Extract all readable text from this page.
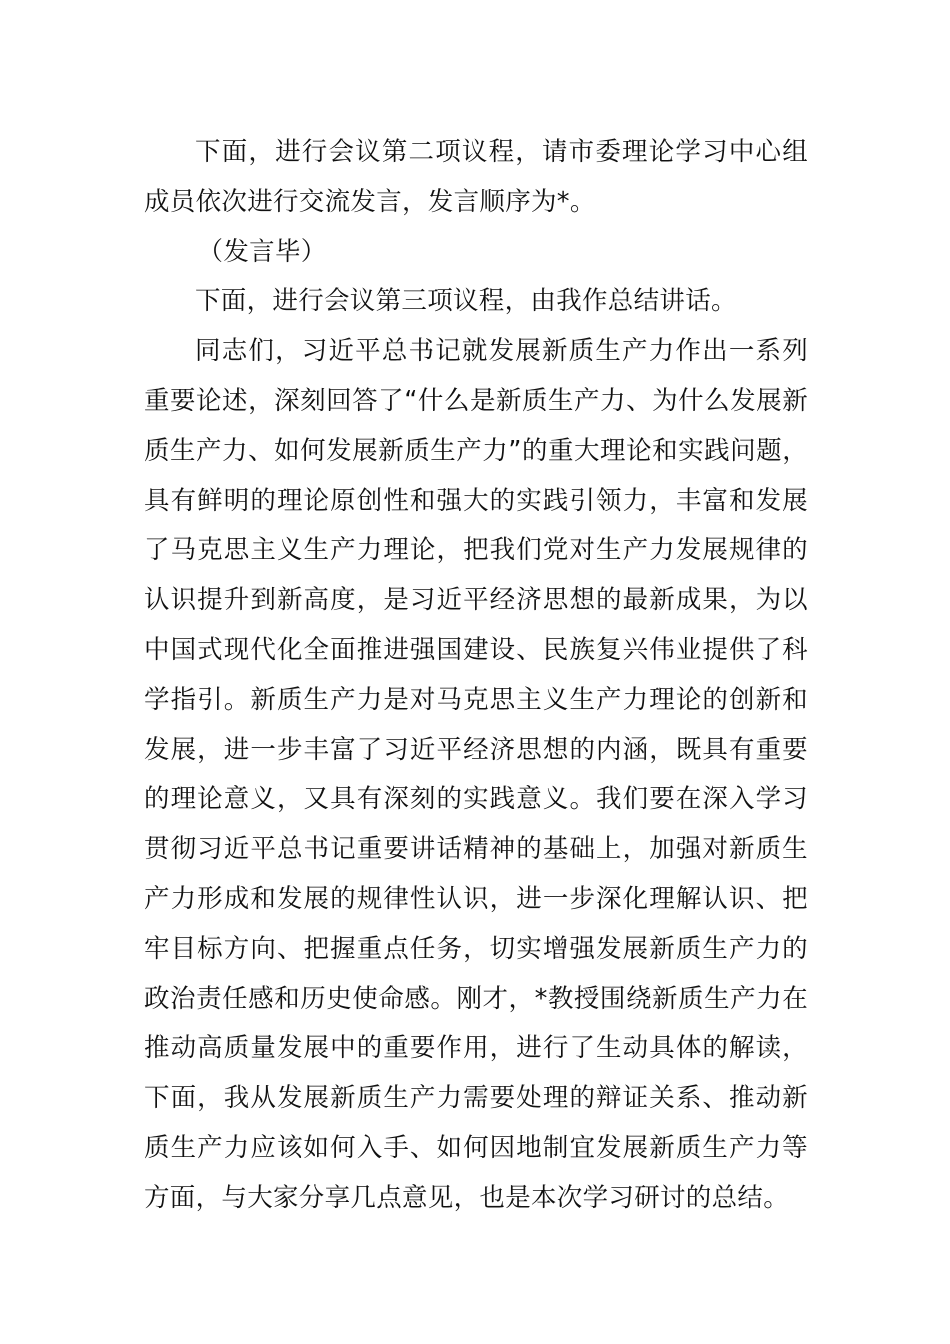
下面，进行会议第二项议程，请市委理论学习中心组成员依次进行交流发言，发言顺序为*。

（发言毕）

下面，进行会议第三项议程，由我作总结讲话。

同志们，习近平总书记就发展新质生产力作出一系列重要论述，深刻回答了“什么是新质生产力、为什么发展新质生产力、如何发展新质生产力”的重大理论和实践问题，具有鲜明的理论原创性和强大的实践引领力，丰富和发展了马克思主义生产力理论，把我们党对生产力发展规律的认识提升到新高度，是习近平经济思想的最新成果，为以中国式现代化全面推进强国建设、民族复兴伟业提供了科学指引。新质生产力是对马克思主义生产力理论的创新和发展，进一步丰富了习近平经济思想的内涵，既具有重要的理论意义，又具有深刻的实践意义。我们要在深入学习贯彻习近平总书记重要讲话精神的基础上，加强对新质生产力形成和发展的规律性认识，进一步深化理解认识、把牢目标方向、把握重点任务，切实增强发展新质生产力的政治责任感和历史使命感。刚才，*教授围绕新质生产力在推动高质量发展中的重要作用，进行了生动具体的解读，下面，我从发展新质生产力需要处理的辩证关系、推动新质生产力应该如何入手、如何因地制宜发展新质生产力等方面，与大家分享几点意见，也是本次学习研讨的总结。
